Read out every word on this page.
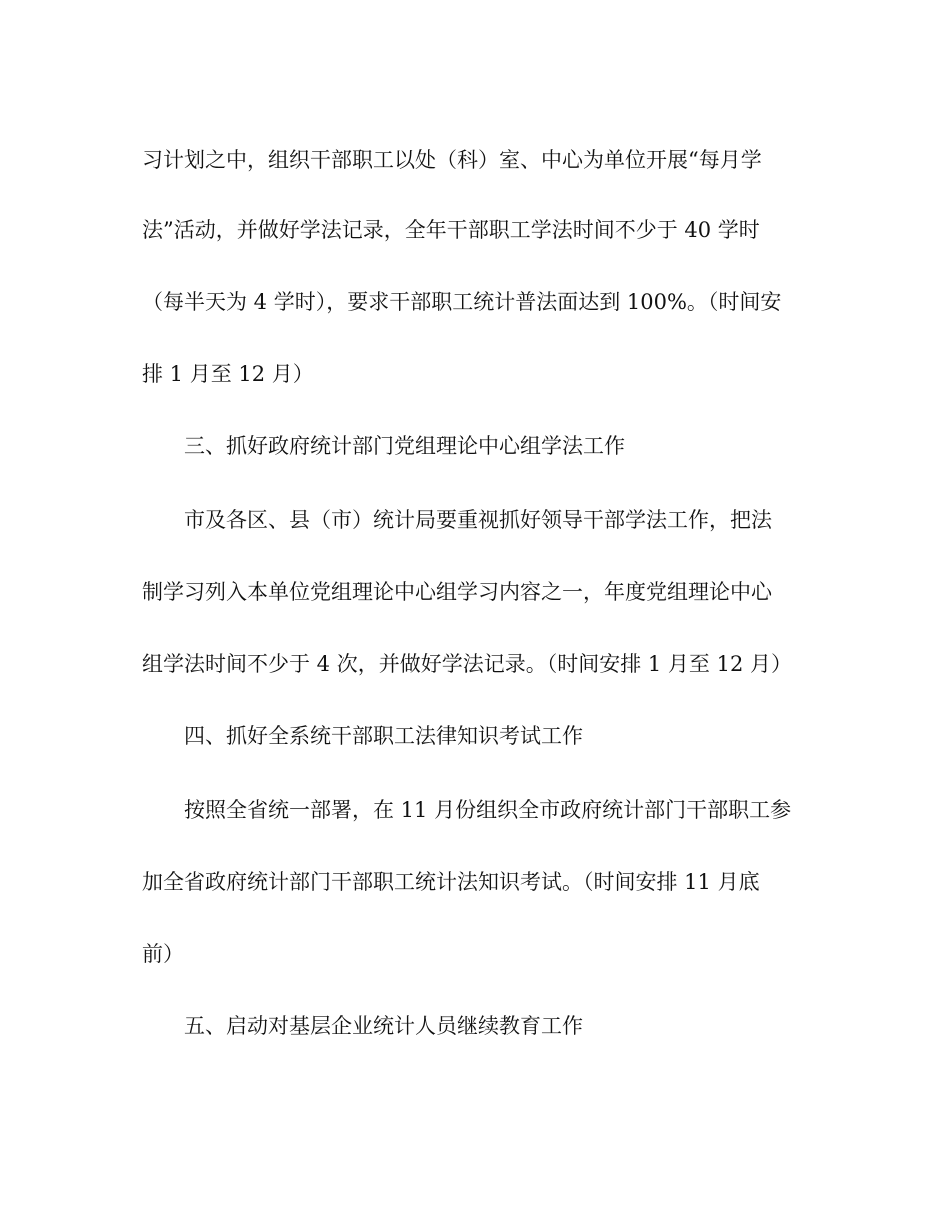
习计划之中，组织干部职工以处（科）室、中心为单位开展“每月学
法”活动，并做好学法记录，全年干部职工学法时间不少于 40 学时
（每半天为 4 学时），要求干部职工统计普法面达到 100%。（时间安
排 1 月至 12 月）
三、抓好政府统计部门党组理论中心组学法工作
市及各区、县（市）统计局要重视抓好领导干部学法工作，把法
制学习列入本单位党组理论中心组学习内容之一，年度党组理论中心
组学法时间不少于 4 次，并做好学法记录。（时间安排 1 月至 12 月）
四、抓好全系统干部职工法律知识考试工作
按照全省统一部署，在 11 月份组织全市政府统计部门干部职工参
加全省政府统计部门干部职工统计法知识考试。（时间安排 11 月底
前）
五、启动对基层企业统计人员继续教育工作
